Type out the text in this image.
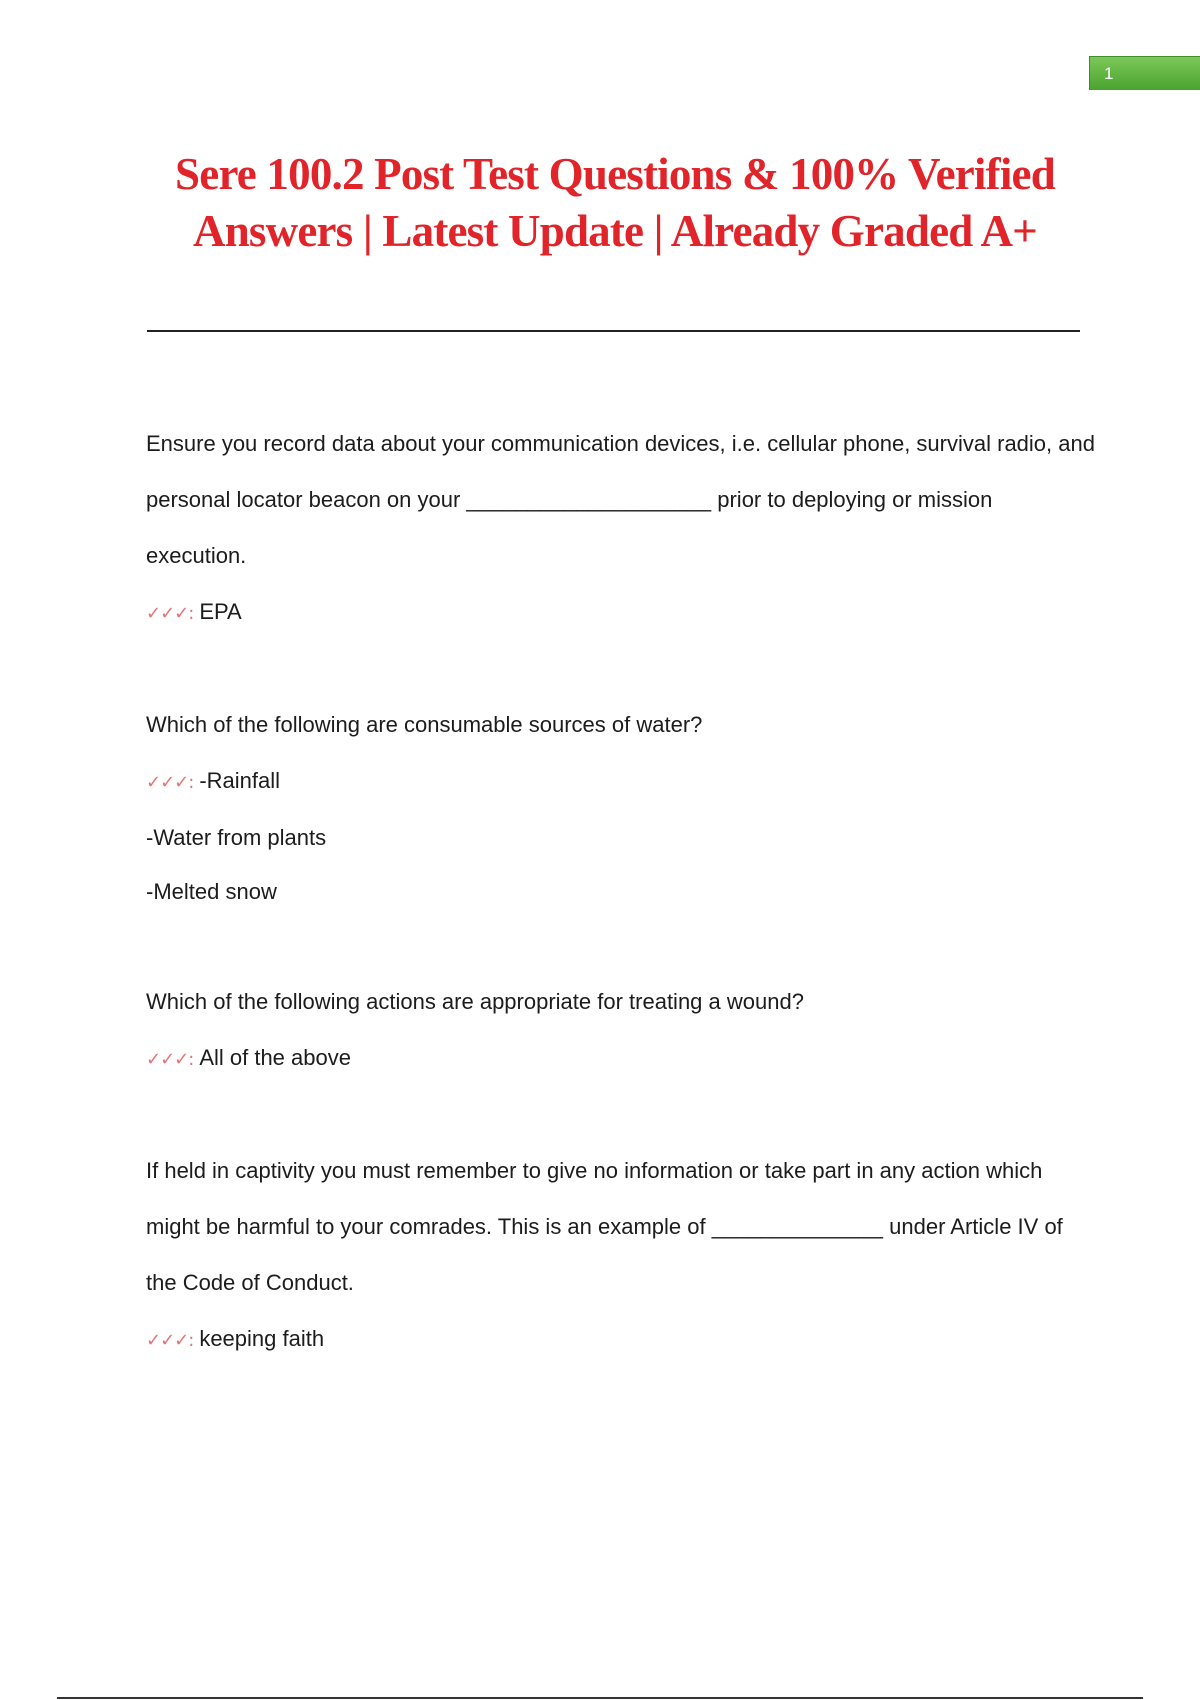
1
Sere 100.2 Post Test Questions & 100% Verified
Answers | Latest Update | Already Graded A+

Ensure you record data about your communication devices, i.e. cellular phone, survival radio, and personal locator beacon on your ____________________ prior to deploying or mission execution.

✓✓✓: EPA

Which of the following are consumable sources of water?

✓✓✓: -Rainfall

-Water from plants

-Melted snow

Which of the following actions are appropriate for treating a wound?

✓✓✓: All of the above

If held in captivity you must remember to give no information or take part in any action which might be harmful to your comrades. This is an example of ______________ under Article IV of the Code of Conduct.

✓✓✓: keeping faith
